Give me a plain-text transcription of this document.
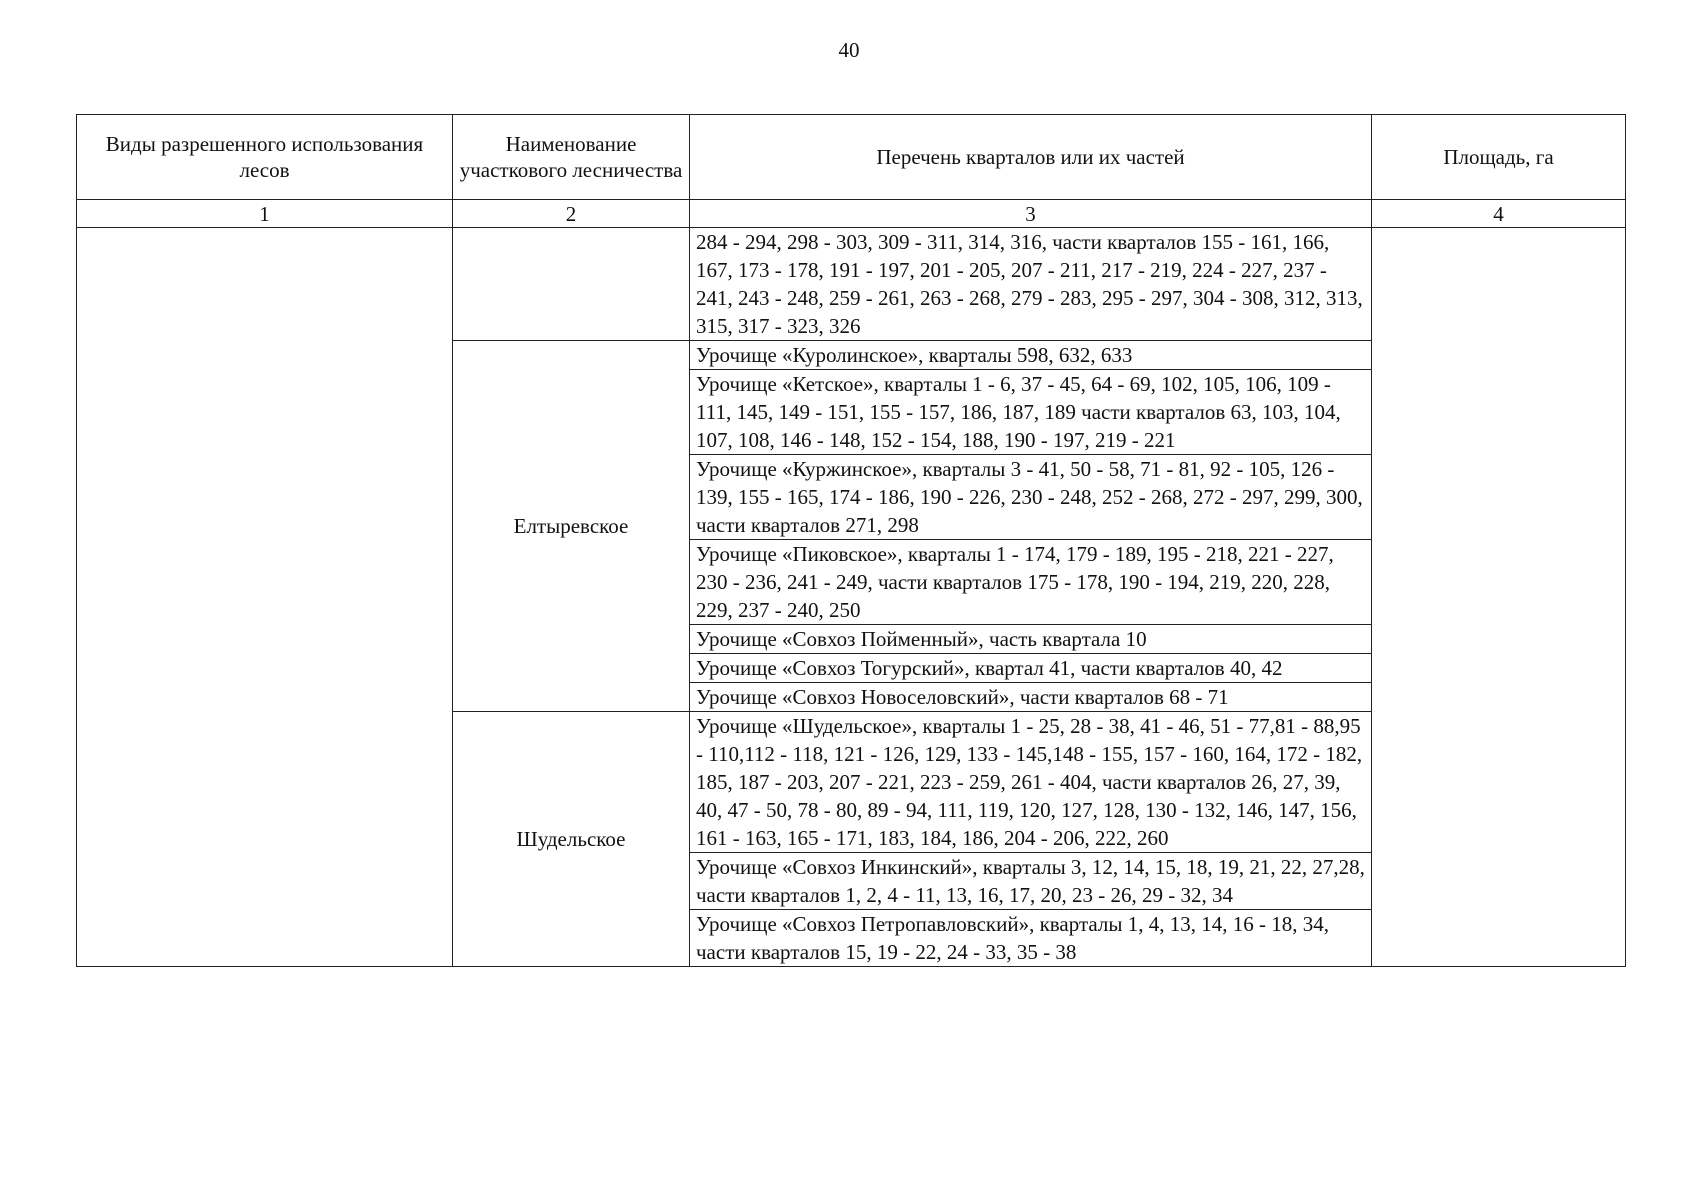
40
Виды разрешенного использования лесов	Наименование участкового лесничества	Перечень кварталов или их частей	Площадь, га
1	2	3	4
		284 - 294, 298 - 303, 309 - 311, 314, 316, части кварталов 155 - 161, 166, 167, 173 - 178, 191 - 197, 201 - 205, 207 - 211, 217 - 219, 224 - 227, 237 - 241, 243 - 248, 259 - 261, 263 - 268, 279 - 283, 295 - 297, 304 - 308, 312, 313, 315, 317 - 323, 326	
	Елтыревское	Урочище «Куролинское», кварталы 598, 632, 633	
		Урочище «Кетское», кварталы 1 - 6, 37 - 45, 64 - 69, 102, 105, 106, 109 - 111, 145, 149 - 151, 155 - 157, 186, 187, 189 части кварталов 63, 103, 104, 107, 108, 146 - 148, 152 - 154, 188, 190 - 197, 219 - 221	
		Урочище «Куржинское», кварталы 3 - 41, 50 - 58, 71 - 81, 92 - 105, 126 - 139, 155 - 165, 174 - 186, 190 - 226, 230 - 248, 252 - 268, 272 - 297, 299, 300, части кварталов 271, 298	
		Урочище «Пиковское», кварталы 1 - 174, 179 - 189, 195 - 218, 221 - 227, 230 - 236, 241 - 249, части кварталов 175 - 178, 190 - 194, 219, 220, 228, 229, 237 - 240, 250	
		Урочище «Совхоз Пойменный», часть квартала 10	
		Урочище «Совхоз Тогурский», квартал 41, части кварталов 40, 42	
		Урочище «Совхоз Новоселовский», части кварталов 68 - 71	
	Шудельское	Урочище «Шудельское», кварталы 1 - 25, 28 - 38, 41 - 46, 51 - 77,81 - 88,95 - 110,112 - 118, 121 - 126, 129, 133 - 145,148 - 155, 157 - 160, 164, 172 - 182, 185, 187 - 203, 207 - 221, 223 - 259, 261 - 404, части кварталов 26, 27, 39, 40, 47 - 50, 78 - 80, 89 - 94, 111, 119, 120, 127, 128, 130 - 132, 146, 147, 156, 161 - 163, 165 - 171, 183, 184, 186, 204 - 206, 222, 260	
		Урочище «Совхоз Инкинский», кварталы 3, 12, 14, 15, 18, 19, 21, 22, 27,28, части кварталов 1, 2, 4 - 11, 13, 16, 17, 20, 23 - 26, 29 - 32, 34	
		Урочище «Совхоз Петропавловский», кварталы 1, 4, 13, 14, 16 - 18, 34, части кварталов 15, 19 - 22, 24 - 33, 35 - 38	
